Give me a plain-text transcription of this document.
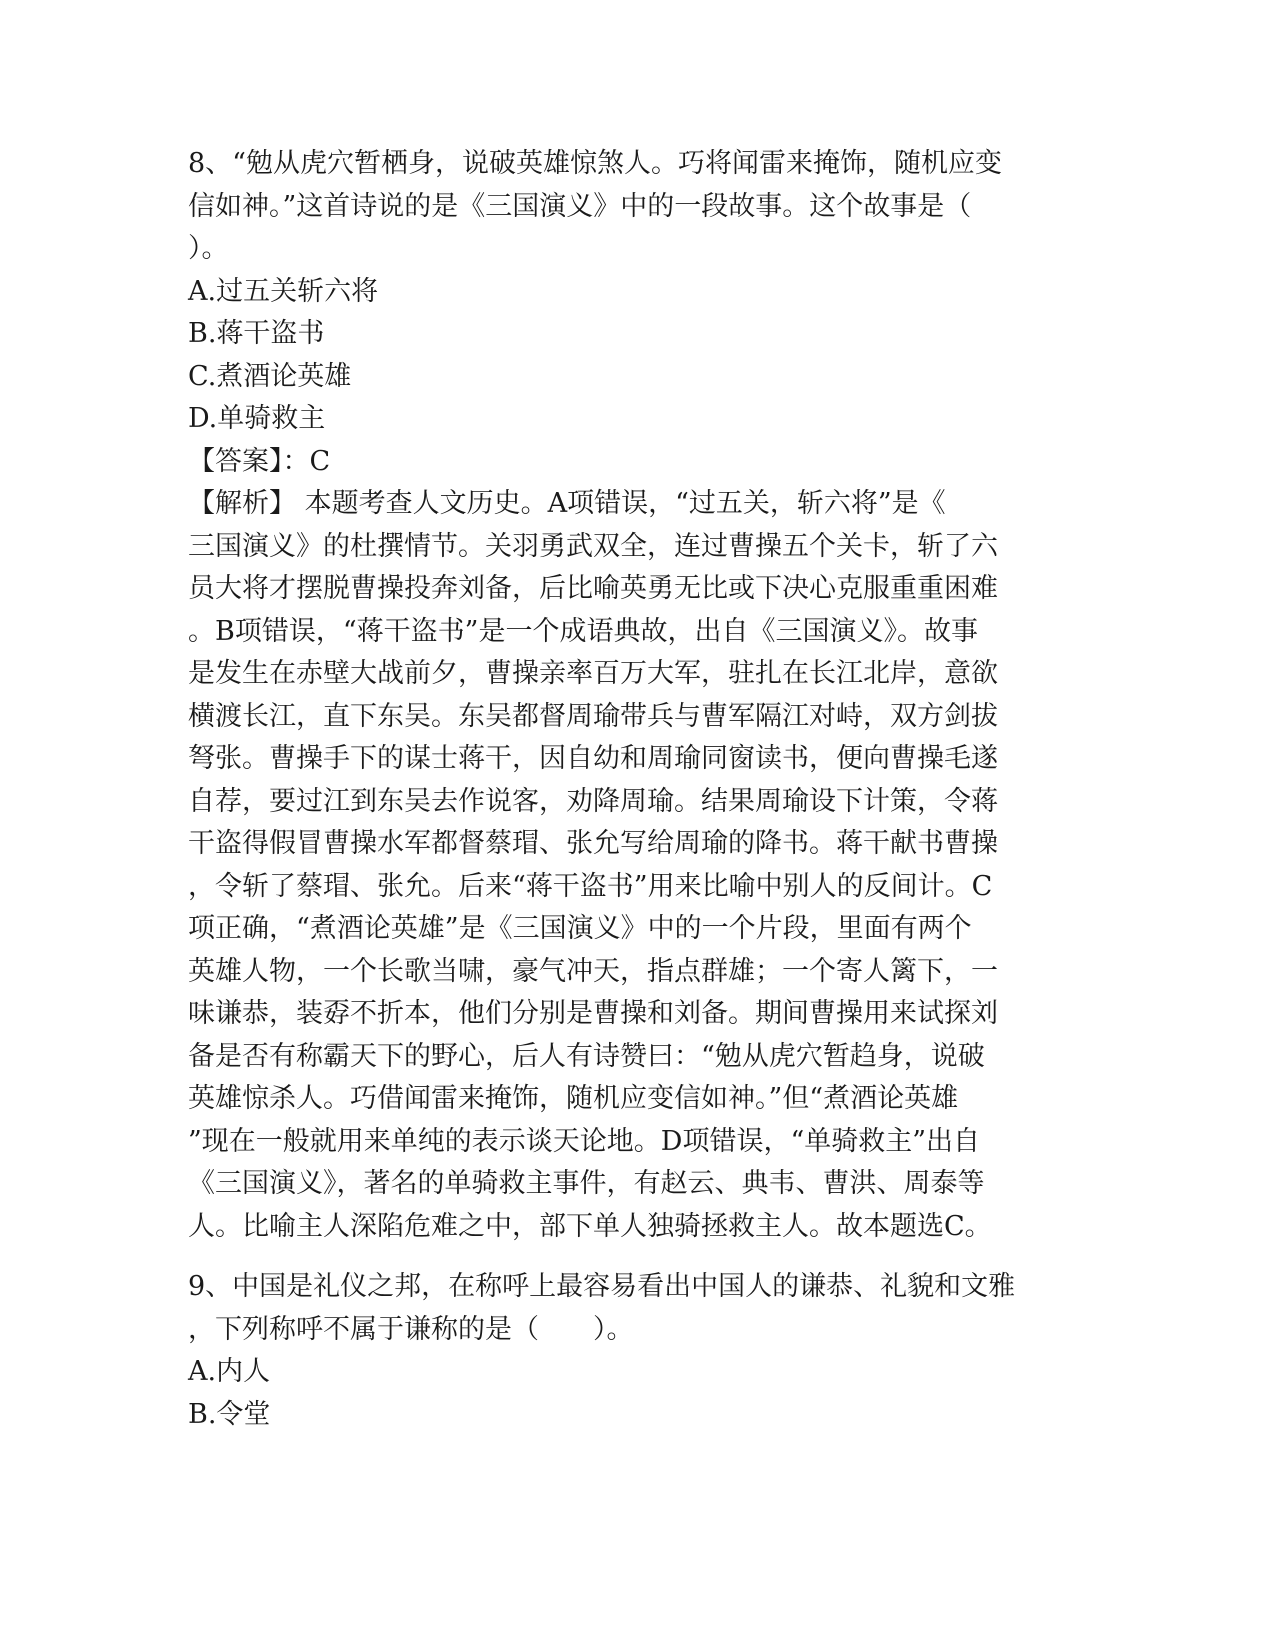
8、“勉从虎穴暂栖身，说破英雄惊煞人。巧将闻雷来掩饰，随机应变
信如神。”这首诗说的是《三国演义》中的一段故事。这个故事是（
）。
A.过五关斩六将
B.蒋干盗书
C.煮酒论英雄
D.单骑救主
【答案】：C
【解析】 本题考查人文历史。A项错误，“过五关，斩六将”是《
三国演义》的杜撰情节。关羽勇武双全，连过曹操五个关卡，斩了六
员大将才摆脱曹操投奔刘备，后比喻英勇无比或下决心克服重重困难
。B项错误，“蒋干盗书”是一个成语典故，出自《三国演义》。故事
是发生在赤壁大战前夕，曹操亲率百万大军，驻扎在长江北岸，意欲
横渡长江，直下东吴。东吴都督周瑜带兵与曹军隔江对峙，双方剑拔
弩张。曹操手下的谋士蒋干，因自幼和周瑜同窗读书，便向曹操毛遂
自荐，要过江到东吴去作说客，劝降周瑜。结果周瑜设下计策，令蒋
干盗得假冒曹操水军都督蔡瑁、张允写给周瑜的降书。蒋干献书曹操
，令斩了蔡瑁、张允。后来“蒋干盗书”用来比喻中别人的反间计。C
项正确，“煮酒论英雄”是《三国演义》中的一个片段，里面有两个
英雄人物，一个长歌当啸，豪气冲天，指点群雄；一个寄人篱下，一
味谦恭，装孬不折本，他们分别是曹操和刘备。期间曹操用来试探刘
备是否有称霸天下的野心，后人有诗赞曰：“勉从虎穴暂趋身，说破
英雄惊杀人。巧借闻雷来掩饰，随机应变信如神。”但“煮酒论英雄
”现在一般就用来单纯的表示谈天论地。D项错误，“单骑救主”出自
《三国演义》，著名的单骑救主事件，有赵云、典韦、曹洪、周泰等
人。比喻主人深陷危难之中，部下单人独骑拯救主人。故本题选C。
9、中国是礼仪之邦，在称呼上最容易看出中国人的谦恭、礼貌和文雅
，下列称呼不属于谦称的是（　　）。
A.内人
B.令堂
